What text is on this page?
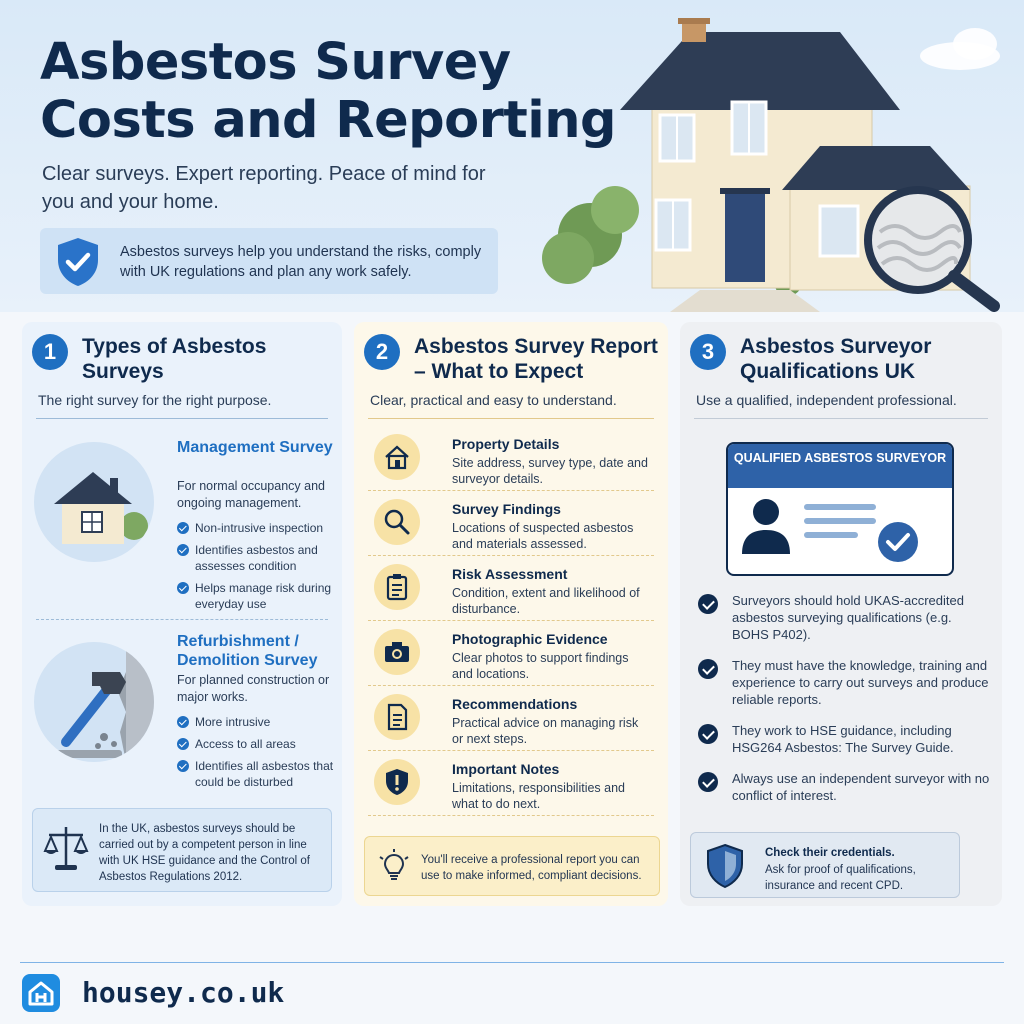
Asbestos Survey Costs and Reporting
Clear surveys. Expert reporting. Peace of mind for you and your home.
Asbestos surveys help you understand the risks, comply with UK regulations and plan any work safely.
1	Types of Asbestos Surveys
The right survey for the right purpose.
Management Survey
For normal occupancy and ongoing management.
Non-intrusive inspection
Identifies asbestos and assesses condition
Helps manage risk during everyday use
Refurbishment / Demolition Survey
For planned construction or major works.
More intrusive
Access to all areas
Identifies all asbestos that could be disturbed
In the UK, asbestos surveys should be carried out by a competent person in line with UK HSE guidance and the Control of Asbestos Regulations 2012.
2	Asbestos Survey Report – What to Expect
Clear, practical and easy to understand.
Property Details
Site address, survey type, date and surveyor details.
Survey Findings
Locations of suspected asbestos and materials assessed.
Risk Assessment
Condition, extent and likelihood of disturbance.
Photographic Evidence
Clear photos to support findings and locations.
Recommendations
Practical advice on managing risk or next steps.
Important Notes
Limitations, responsibilities and what to do next.
You'll receive a professional report you can use to make informed, compliant decisions.
3	Asbestos Surveyor Qualifications UK
Use a qualified, independent professional.
QUALIFIED ASBESTOS SURVEYOR
Surveyors should hold UKAS-accredited asbestos surveying qualifications (e.g. BOHS P402).
They must have the knowledge, training and experience to carry out surveys and produce reliable reports.
They work to HSE guidance, including HSG264 Asbestos: The Survey Guide.
Always use an independent surveyor with no conflict of interest.
Check their credentials.
Ask for proof of qualifications, insurance and recent CPD.
housey.co.uk
